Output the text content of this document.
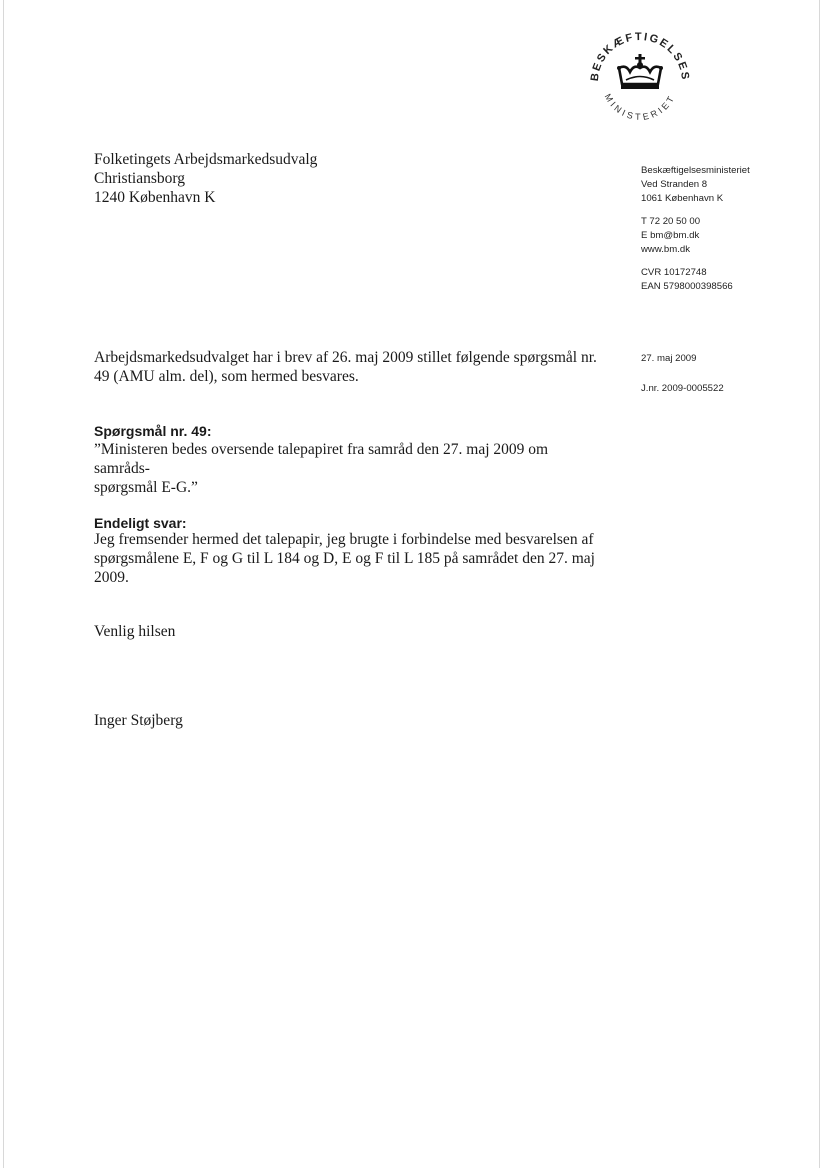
BESKÆFTIGELSES
MINISTERIET
Folketingets Arbejdsmarkedsudvalg
Christiansborg
1240 København K
Beskæftigelsesministeriet
Ved Stranden 8
1061 København K
T 72 20 50 00
E bm@bm.dk
www.bm.dk
CVR 10172748
EAN 5798000398566
27. maj 2009
J.nr. 2009-0005522

Arbejdsmarkedsudvalget har i brev af 26. maj 2009 stillet følgende spørgsmål nr.

49 (AMU alm. del), som hermed besvares.

Spørgsmål nr. 49:

”Ministeren bedes oversende talepapiret fra samråd den 27. maj 2009 om samråds-

spørgsmål E-G.”

Endeligt svar:

Jeg fremsender hermed det talepapir, jeg brugte i forbindelse med besvarelsen af

spørgsmålene E, F og G til L 184 og D, E og F til L 185 på samrådet den 27. maj

2009.

Venlig hilsen
Inger Støjberg
